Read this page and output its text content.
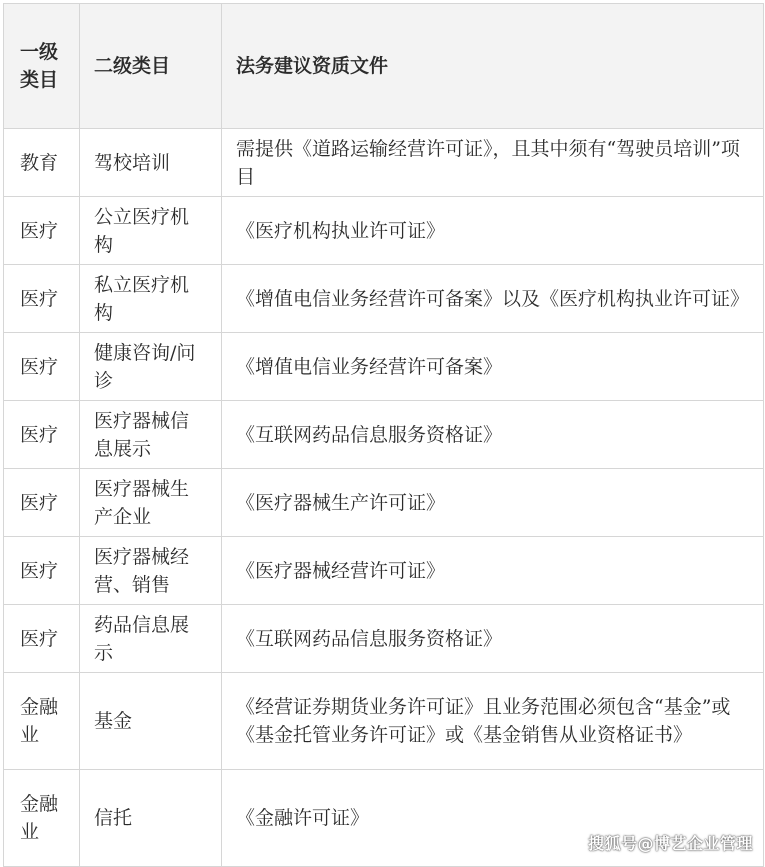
一级类目	二级类目	法务建议资质文件
教育	驾校培训	需提供《道路运输经营许可证》，且其中须有“驾驶员培训”项目
医疗	公立医疗机构	《医疗机构执业许可证》
医疗	私立医疗机构	《增值电信业务经营许可备案》以及《医疗机构执业许可证》
医疗	健康咨询/问诊	《增值电信业务经营许可备案》
医疗	医疗器械信息展示	《互联网药品信息服务资格证》
医疗	医疗器械生产企业	《医疗器械生产许可证》
医疗	医疗器械经营、销售	《医疗器械经营许可证》
医疗	药品信息展示	《互联网药品信息服务资格证》
金融业	基金	《经营证券期货业务许可证》且业务范围必须包含“基金”或《基金托管业务许可证》或《基金销售从业资格证书》
金融业	信托	《金融许可证》
搜狐号@博艺企业管理
